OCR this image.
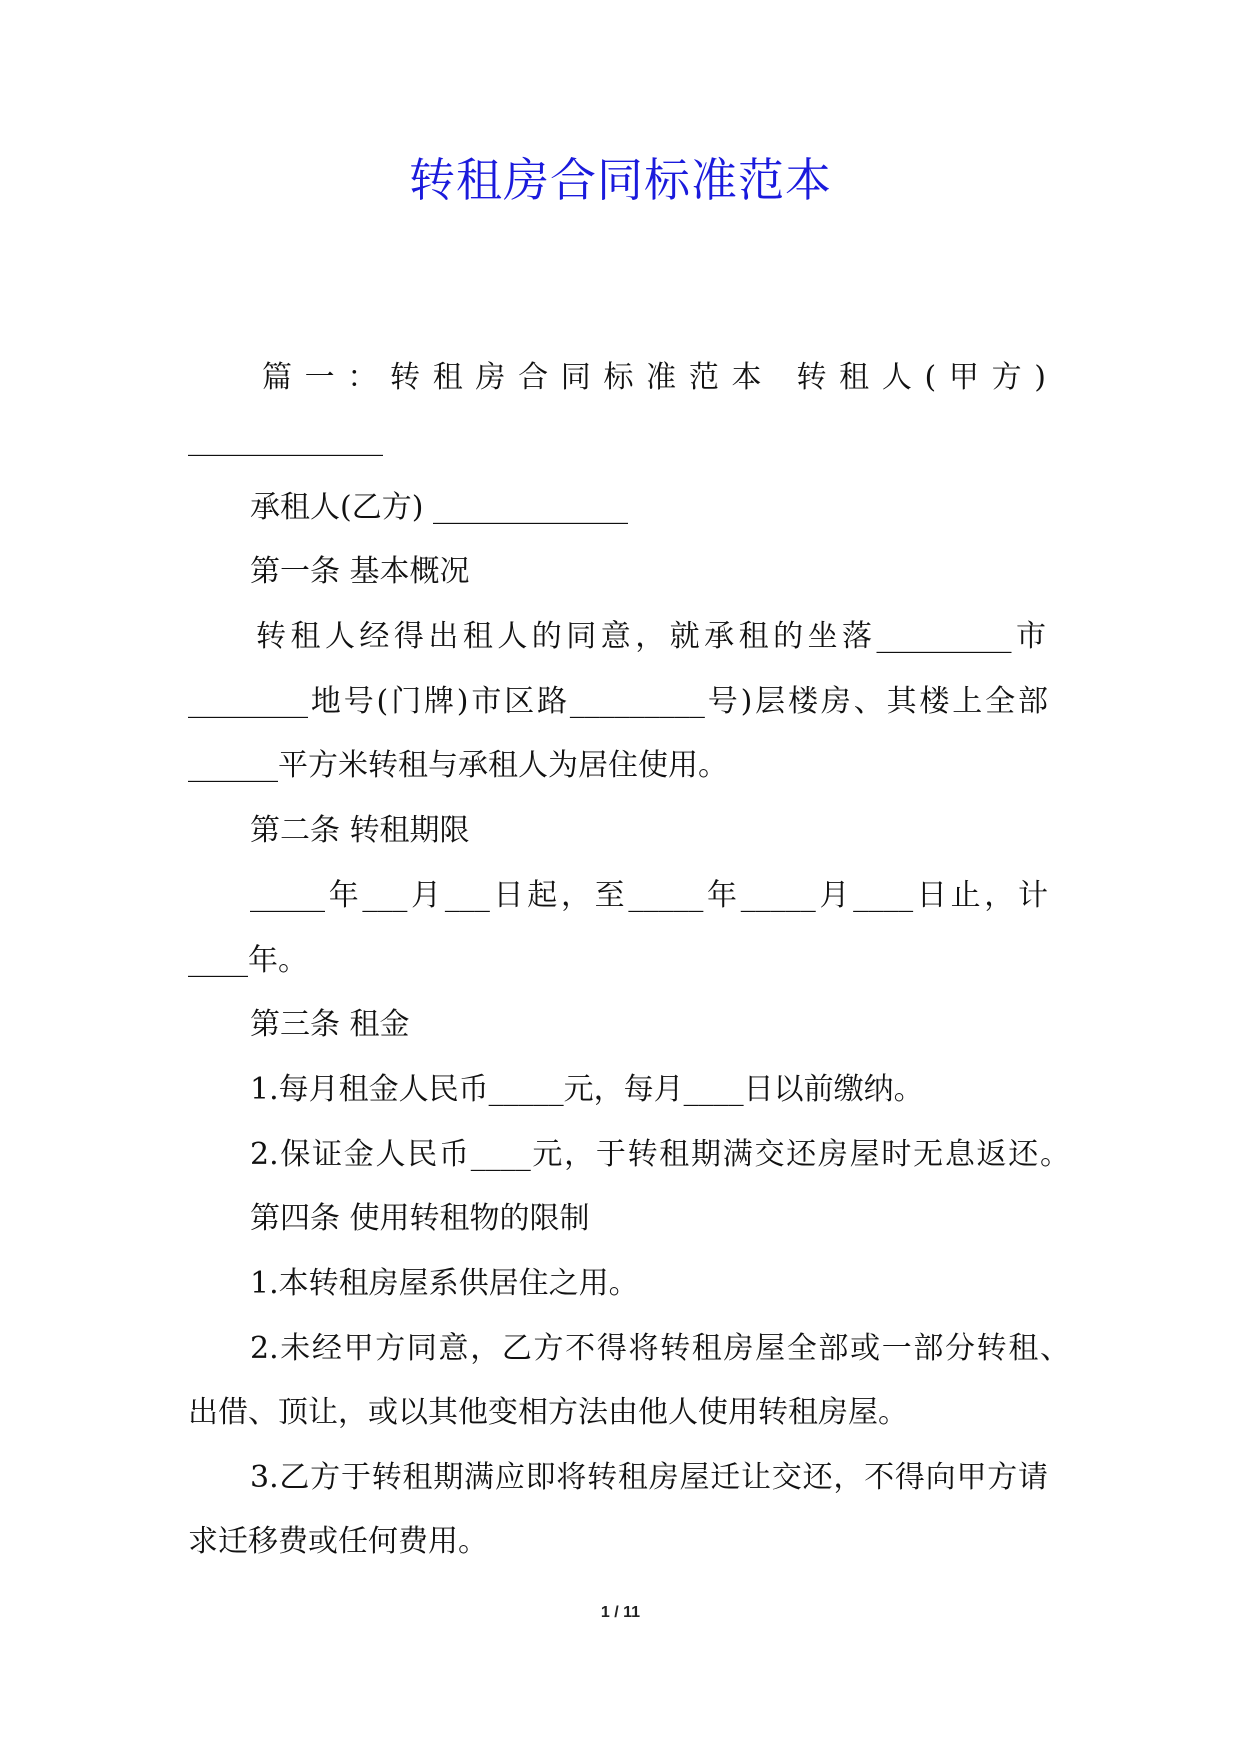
转租房合同标准范本
篇一：转租房合同标准范本 转租人(甲方)
_____________
承租人(乙方) _____________
第一条 基本概况
转租人经得出租人的同意，就承租的坐落_________市
________地号(门牌)市区路_________号)层楼房、其楼上全部
______平方米转租与承租人为居住使用。
第二条 转租期限
_____年___月___日起，至_____年_____月____日止，计
____年。
第三条 租金
1.每月租金人民币_____元，每月____日以前缴纳。
2.保证金人民币____元，于转租期满交还房屋时无息返还。
第四条 使用转租物的限制
1.本转租房屋系供居住之用。
2.未经甲方同意，乙方不得将转租房屋全部或一部分转租、
出借、顶让，或以其他变相方法由他人使用转租房屋。
3.乙方于转租期满应即将转租房屋迁让交还，不得向甲方请
求迁移费或任何费用。
1 / 11
